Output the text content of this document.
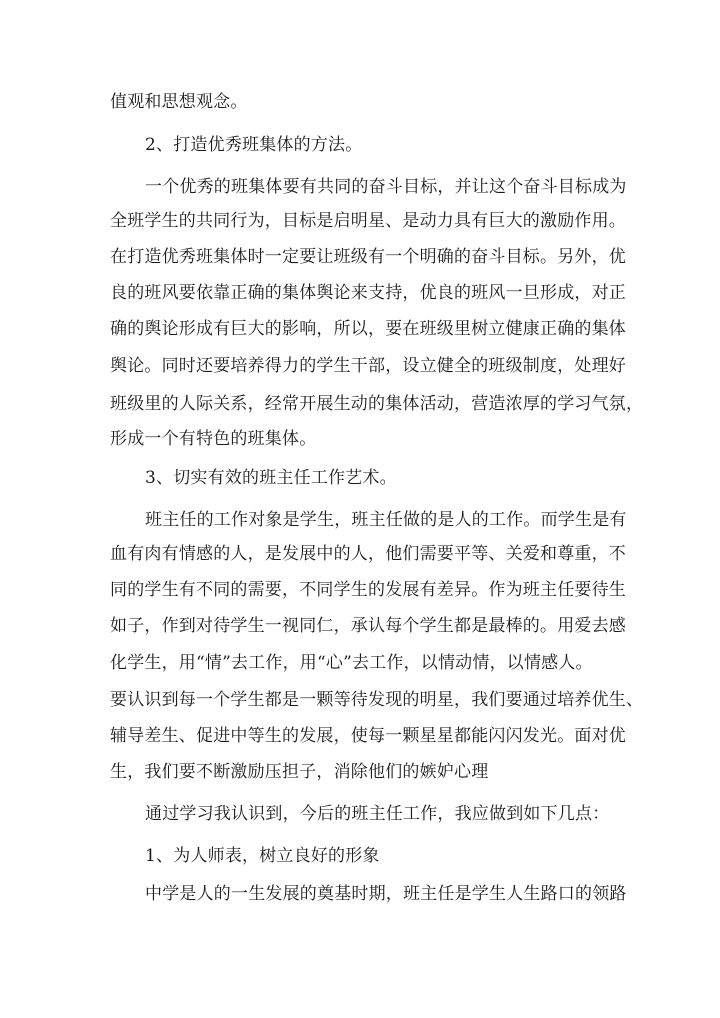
值观和思想观念。
2、打造优秀班集体的方法。
一个优秀的班集体要有共同的奋斗目标，并让这个奋斗目标成为
全班学生的共同行为，目标是启明星、是动力具有巨大的激励作用。
在打造优秀班集体时一定要让班级有一个明确的奋斗目标。另外，优
良的班风要依靠正确的集体舆论来支持，优良的班风一旦形成，对正
确的舆论形成有巨大的影响，所以，要在班级里树立健康正确的集体
舆论。同时还要培养得力的学生干部，设立健全的班级制度，处理好
班级里的人际关系，经常开展生动的集体活动，营造浓厚的学习气氛，
形成一个有特色的班集体。
3、切实有效的班主任工作艺术。
班主任的工作对象是学生，班主任做的是人的工作。而学生是有
血有肉有情感的人，是发展中的人，他们需要平等、关爱和尊重，不
同的学生有不同的需要，不同学生的发展有差异。作为班主任要待生
如子，作到对待学生一视同仁，承认每个学生都是最棒的。用爱去感
化学生，用“情”去工作，用“心”去工作，以情动情，以情感人。
要认识到每一个学生都是一颗等待发现的明星，我们要通过培养优生、
辅导差生、促进中等生的发展，使每一颗星星都能闪闪发光。面对优
生，我们要不断激励压担子，消除他们的嫉妒心理
通过学习我认识到，今后的班主任工作，我应做到如下几点：
1、为人师表，树立良好的形象
中学是人的一生发展的奠基时期，班主任是学生人生路口的领路
